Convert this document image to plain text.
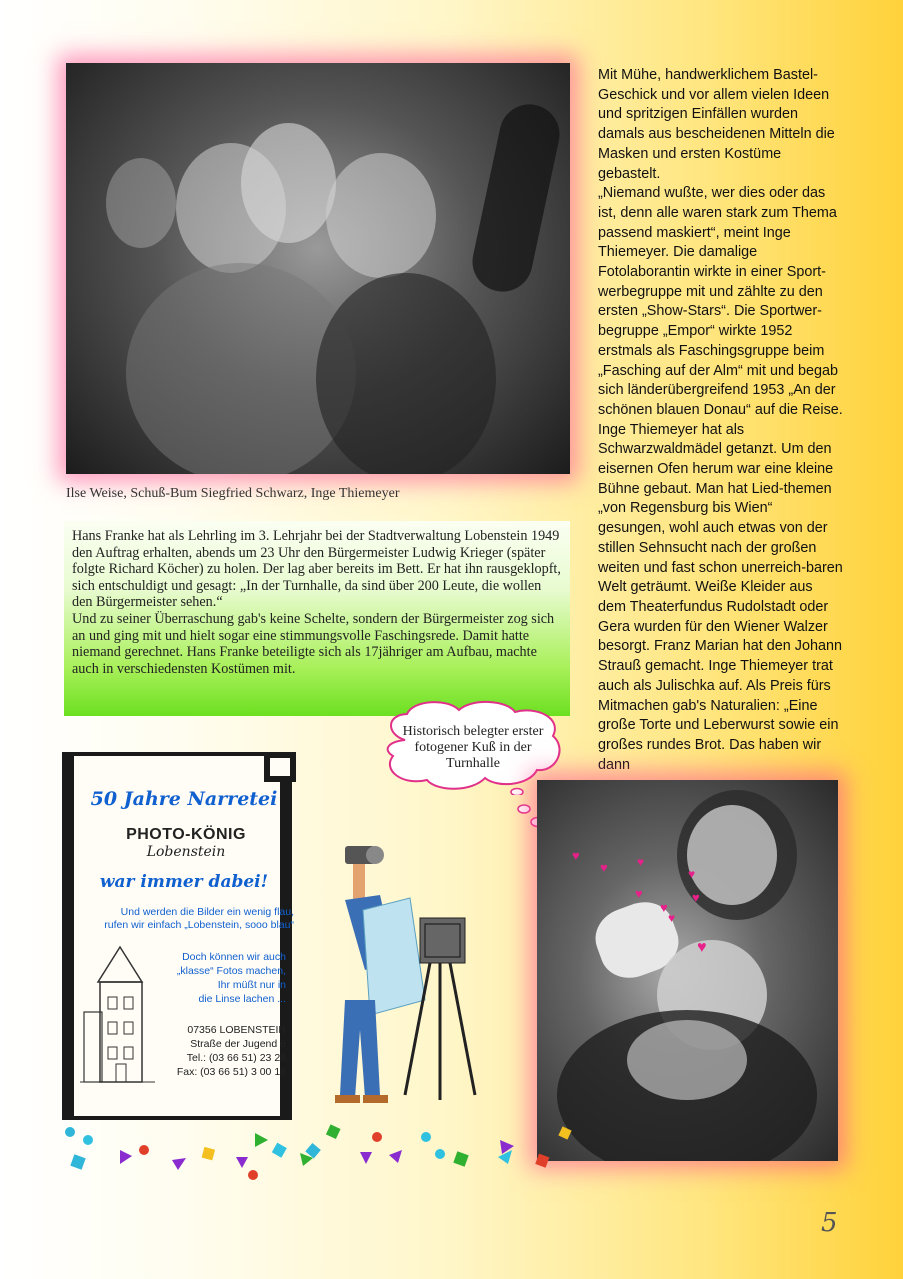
Ilse Weise, Schuß-Bum Siegfried Schwarz, Inge Thiemeyer

Hans Franke hat als Lehrling im 3. Lehrjahr bei der Stadtverwaltung Lobenstein 1949 den Auftrag erhalten, abends um 23 Uhr den Bürgermeister Ludwig Krieger (später folgte Richard Köcher) zu holen. Der lag aber bereits im Bett. Er hat ihn rausgeklopft, sich entschuldigt und gesagt: „In der Turnhalle, da sind über 200 Leute, die wollen den Bürgermeister sehen.“

Und zu seiner Überraschung gab's keine Schelte, sondern der Bürgermeister zog sich an und ging mit und hielt sogar eine stimmungsvolle Faschingsrede. Damit hatte niemand gerechnet. Hans Franke beteiligte sich als 17jähriger am Aufbau, machte auch in verschiedensten Kostümen mit.

Mit Mühe, handwerklichem Bastel-Geschick und vor allem vielen Ideen und spritzigen Einfällen wurden damals aus bescheidenen Mitteln die Masken und ersten Kostüme gebastelt.

„Niemand wußte, wer dies oder das ist, denn alle waren stark zum Thema passend maskiert“, meint Inge Thiemeyer. Die damalige Fotolaborantin wirkte in einer Sport-werbegruppe mit und zählte zu den ersten „Show-Stars“. Die Sportwer-begruppe „Empor“ wirkte 1952 erstmals als Faschingsgruppe beim „Fasching auf der Alm“ mit und begab sich länderübergreifend 1953 „An der schönen blauen Donau“ auf die Reise. Inge Thiemeyer hat als Schwarzwaldmädel getanzt. Um den eisernen Ofen herum war eine kleine Bühne gebaut. Man hat Lied-themen „von Regensburg bis Wien“ gesungen, wohl auch etwas von der stillen Sehnsucht nach der großen weiten und fast schon unerreich-baren Welt geträumt. Weiße Kleider aus dem Theaterfundus Rudolstadt oder Gera wurden für den Wiener Walzer besorgt. Franz Marian hat den Johann Strauß gemacht. Inge Thiemeyer trat auch als Julischka auf. Als Preis fürs Mitmachen gab's Naturalien: „Eine große Torte und Leberwurst sowie ein großes rundes Brot. Das haben wir dann

Historisch belegter erster fotogener Kuß in der Turnhalle
♥
♥ ♥
♥
♥
♥
♥
♥
♥
50 Jahre Narretei
PHOTO-KÖNIG
Lobenstein
war immer dabei!
Und werden die Bilder ein wenig flau,
rufen wir einfach „Lobenstein, sooo blau“
Doch können wir auch
„klasse“ Fotos machen,
Ihr müßt nur in
die Linse lachen ...
07356 LOBENSTEIN
Straße der Jugend 6
Tel.: (03 66 51) 23 28
Fax: (03 66 51) 3 00 18
5
